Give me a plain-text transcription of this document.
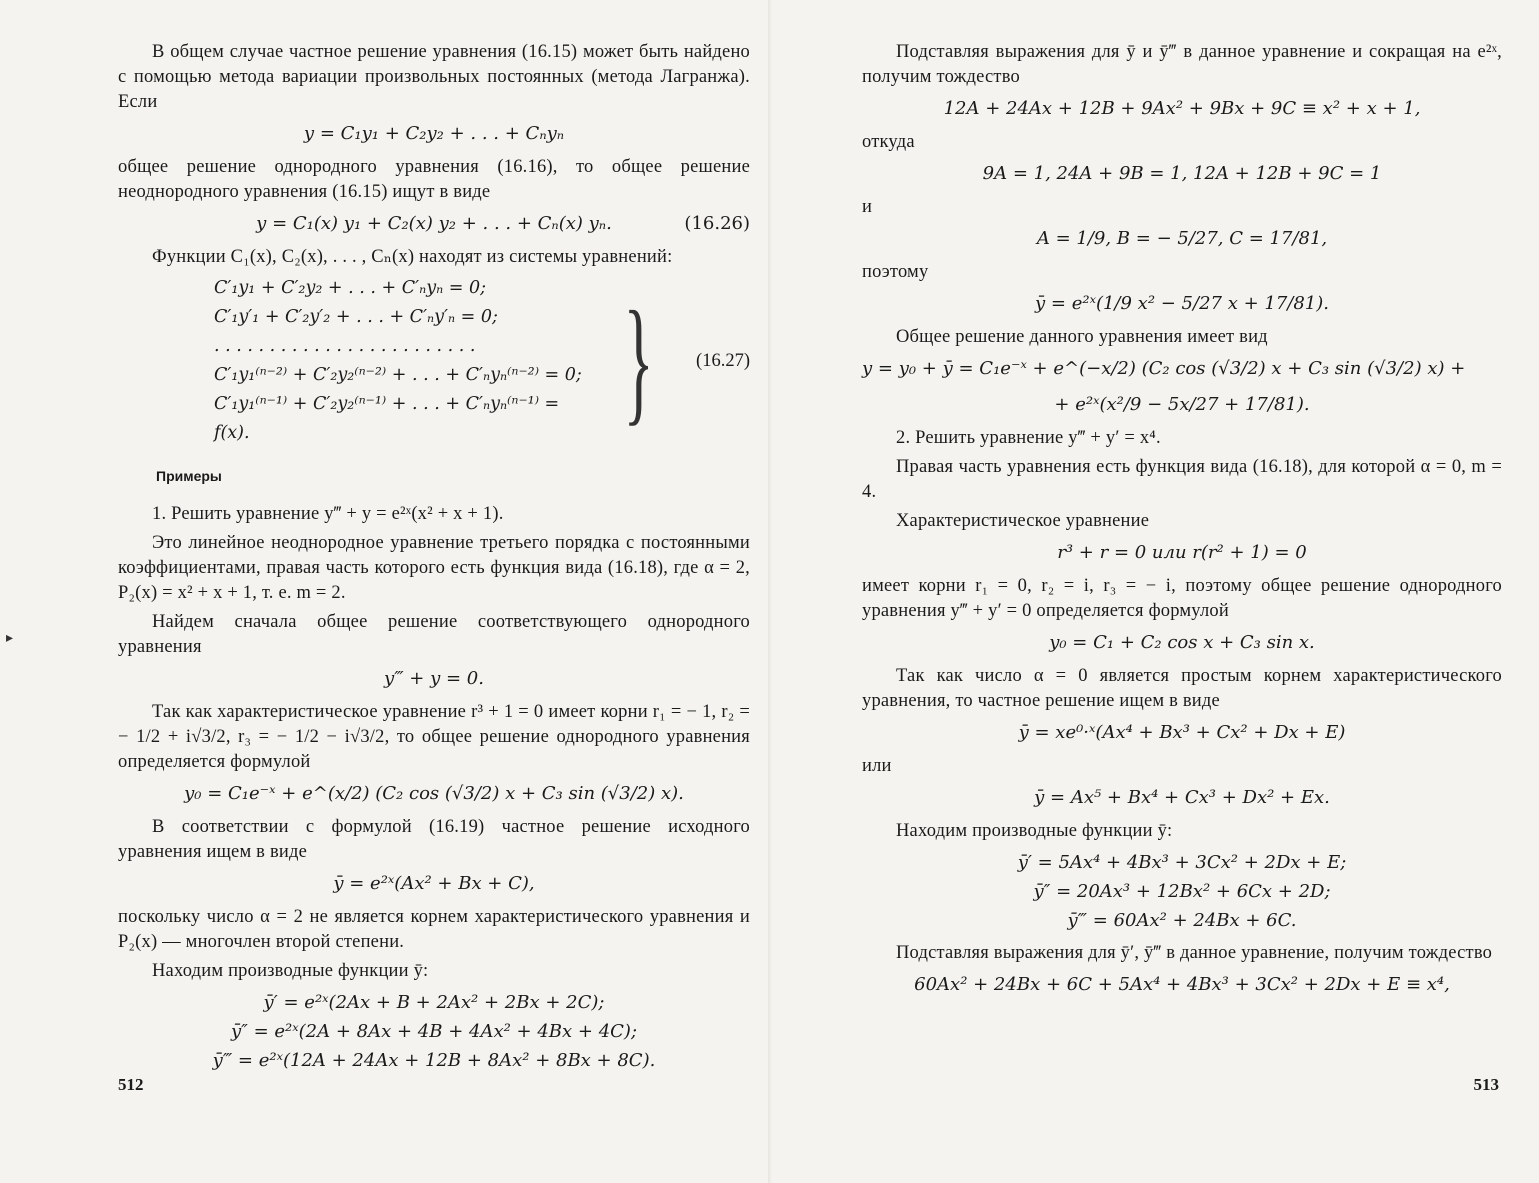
▸

В общем случае частное решение уравнения (16.15) может быть найдено с помощью метода вариации произвольных постоянных (метода Лагранжа). Если

y = C₁y₁ + C₂y₂ + . . . + Cₙyₙ

общее решение однородного уравнения (16.16), то общее решение неоднородного уравнения (16.15) ищут в виде

y = C₁(x) y₁ + C₂(x) y₂ + . . . + Cₙ(x) yₙ.	(16.26)

Функции C₁(x), C₂(x), . . . , Cₙ(x) находят из системы уравнений:

C′₁y₁ + C′₂y₂ + . . . + C′ₙyₙ = 0;
C′₁y′₁ + C′₂y′₂ + . . . + C′ₙy′ₙ = 0;
. . . . . . . . . . . . . . . . . . . . . . . .
C′₁y₁⁽ⁿ⁻²⁾ + C′₂y₂⁽ⁿ⁻²⁾ + . . . + C′ₙyₙ⁽ⁿ⁻²⁾ = 0;
C′₁y₁⁽ⁿ⁻¹⁾ + C′₂y₂⁽ⁿ⁻¹⁾ + . . . + C′ₙyₙ⁽ⁿ⁻¹⁾ = f(x).	} (16.27)
Примеры

1. Решить уравнение y‴ + y = e²ˣ(x² + x + 1).

Это линейное неоднородное уравнение третьего порядка с постоянными коэффициентами, правая часть которого есть функция вида (16.18), где α = 2, P₂(x) = x² + x + 1, т. е. m = 2.

Найдем сначала общее решение соответствующего однородного уравнения

y‴ + y = 0.

Так как характеристическое уравнение r³ + 1 = 0 имеет корни r₁ = − 1, r₂ = − 1/2 + i√3/2, r₃ = − 1/2 − i√3/2, то общее решение однородного уравнения определяется формулой

y₀ = C₁e⁻ˣ + e^(x/2) (C₂ cos (√3/2) x + C₃ sin (√3/2) x).

В соответствии с формулой (16.19) частное решение исходного уравнения ищем в виде

ȳ = e²ˣ(Ax² + Bx + C),

поскольку число α = 2 не является корнем характеристического уравнения и P₂(x) — многочлен второй степени.

Находим производные функции ȳ:

ȳ′ = e²ˣ(2Ax + B + 2Ax² + 2Bx + 2C);
ȳ″ = e²ˣ(2A + 8Ax + 4B + 4Ax² + 4Bx + 4C);
ȳ‴ = e²ˣ(12A + 24Ax + 12B + 8Ax² + 8Bx + 8C).
512

Подставляя выражения для ȳ и ȳ‴ в данное уравнение и сокращая на e²ˣ, получим тождество

12A + 24Ax + 12B + 9Ax² + 9Bx + 9C ≡ x² + x + 1,

откуда

9A = 1, 24A + 9B = 1, 12A + 12B + 9C = 1

и

A = 1/9, B = − 5/27, C = 17/81,

поэтому

ȳ = e²ˣ(1/9 x² − 5/27 x + 17/81).

Общее решение данного уравнения имеет вид

y = y₀ + ȳ = C₁e⁻ˣ + e^(−x/2) (C₂ cos (√3/2) x + C₃ sin (√3/2) x) +
+ e²ˣ(x²/9 − 5x/27 + 17/81).

2. Решить уравнение y‴ + y′ = x⁴.

Правая часть уравнения есть функция вида (16.18), для которой α = 0, m = 4.

Характеристическое уравнение

r³ + r = 0 или r(r² + 1) = 0

имеет корни r₁ = 0, r₂ = i, r₃ = − i, поэтому общее решение однородного уравнения y‴ + y′ = 0 определяется формулой

y₀ = C₁ + C₂ cos x + C₃ sin x.

Так как число α = 0 является простым корнем характеристического уравнения, то частное решение ищем в виде

ȳ = xe⁰·ˣ(Ax⁴ + Bx³ + Cx² + Dx + E)

или

ȳ = Ax⁵ + Bx⁴ + Cx³ + Dx² + Ex.

Находим производные функции ȳ:

ȳ′ = 5Ax⁴ + 4Bx³ + 3Cx² + 2Dx + E;
ȳ″ = 20Ax³ + 12Bx² + 6Cx + 2D;
ȳ‴ = 60Ax² + 24Bx + 6C.

Подставляя выражения для ȳ′, ȳ‴ в данное уравнение, получим тождество

60Ax² + 24Bx + 6C + 5Ax⁴ + 4Bx³ + 3Cx² + 2Dx + E ≡ x⁴,
513
